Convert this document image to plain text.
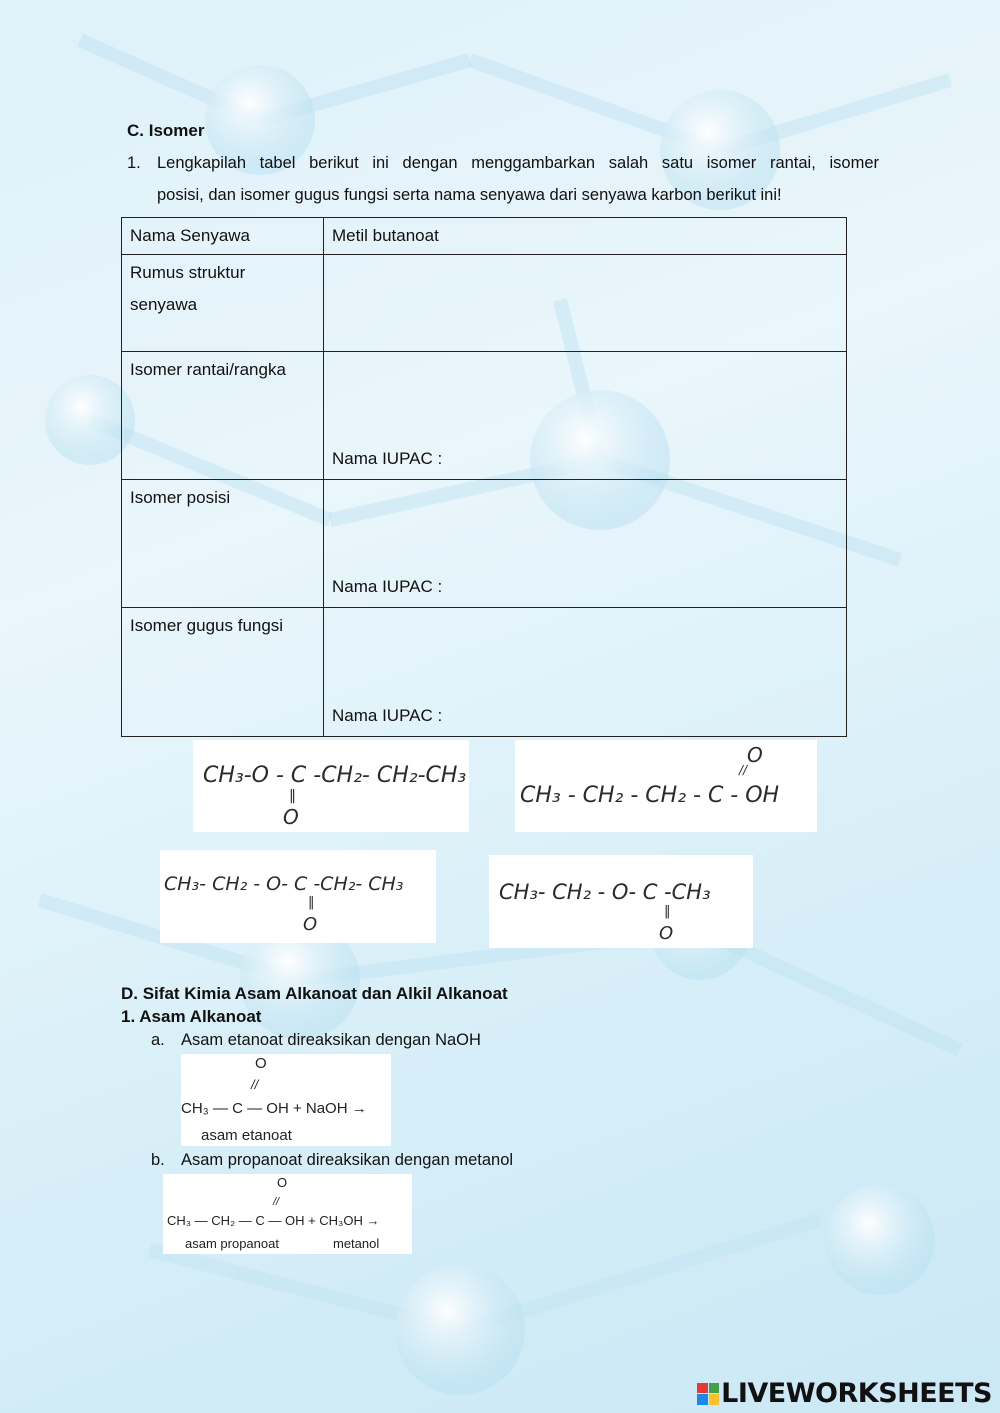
C. Isomer
1. Lengkapilah tabel berikut ini dengan menggambarkan salah satu isomer rantai, isomer
posisi, dan isomer gugus fungsi serta nama senyawa dari senyawa karbon berikut ini!
Nama Senyawa	Metil butanoat

Rumus struktur
senyawa	

Isomer rantai/rangka	Nama IUPAC :

Isomer posisi	Nama IUPAC :

Isomer gugus fungsi	Nama IUPAC :
CH₃-O - C -CH₂- CH₂-CH₃
‖
O
CH₃ - CH₂ - CH₂ - C - OH
//
O
CH₃- CH₂ - O- C -CH₂- CH₃
‖
O
CH₃- CH₂ - O- C -CH₃
‖
O
D. Sifat Kimia Asam Alkanoat dan Alkil Alkanoat
1. Asam Alkanoat
a. Asam etanoat direaksikan dengan NaOH
O
//
CH₃ — C — OH + NaOH →
asam etanoat
b. Asam propanoat direaksikan dengan metanol
O
//
CH₃ — CH₂ — C — OH + CH₃OH →
asam propanoat	metanol
LIVEWORKSHEETS
